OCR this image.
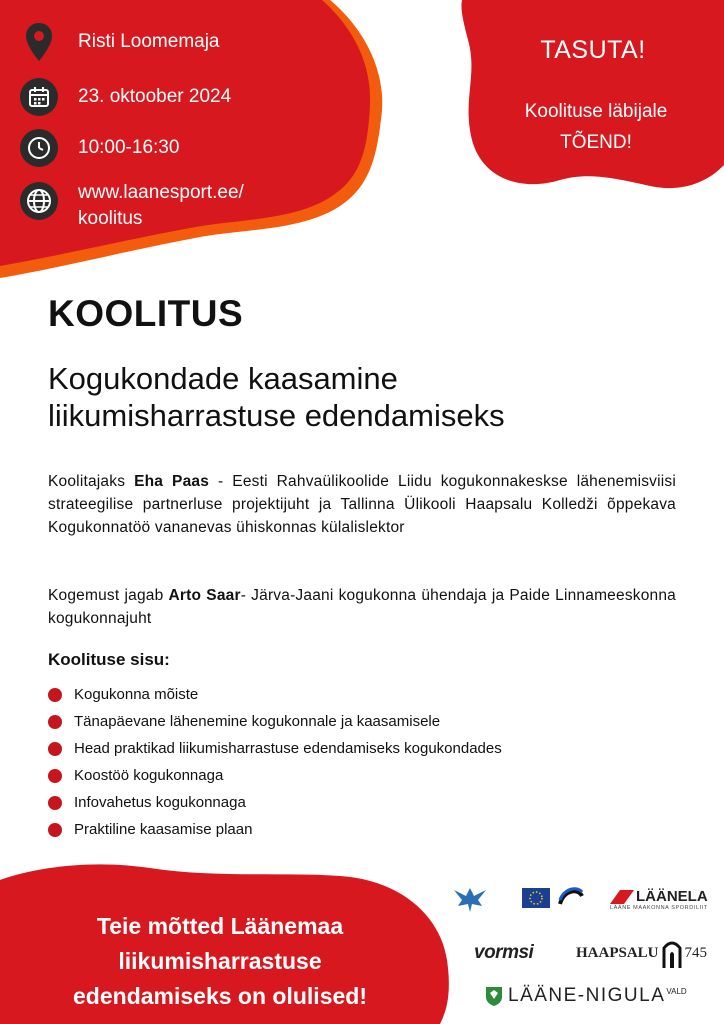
Risti Loomemaja
23. oktoober 2024
10:00-16:30
www.laanesport.ee/
koolitus
TASUTA!
Koolituse läbijale
TÕEND!
KOOLITUS
Kogukondade kaasamine
liikumisharrastuse edendamiseks

Koolitajaks Eha Paas - Eesti Rahvaülikoolide Liidu kogukonnakeskse lähenemisviisi strateegilise partnerluse projektijuht ja Tallinna Ülikooli Haapsalu Kolledži õppekava Kogukonnatöö vananevas ühiskonnas külalislektor

Kogemust jagab Arto Saar- Järva-Jaani kogukonna ühendaja ja Paide Linnameeskonna kogukonnajuht

Koolituse sisu:
Kogukonna mõiste
Tänapäevane lähenemine kogukonnale ja kaasamisele
Head praktikad liikumisharrastuse edendamiseks kogukondades
Koostöö kogukonnaga
Infovahetus kogukonnaga
Praktiline kaasamise plaan
Teie mõtted Läänemaa
liikumisharrastuse
edendamiseks on olulised!
LÄÄNELA
LÄÄNE MAAKONNA SPORDILIIT
vormsi	HAAPSALU 745
LÄÄNE-NIGULA VALD
